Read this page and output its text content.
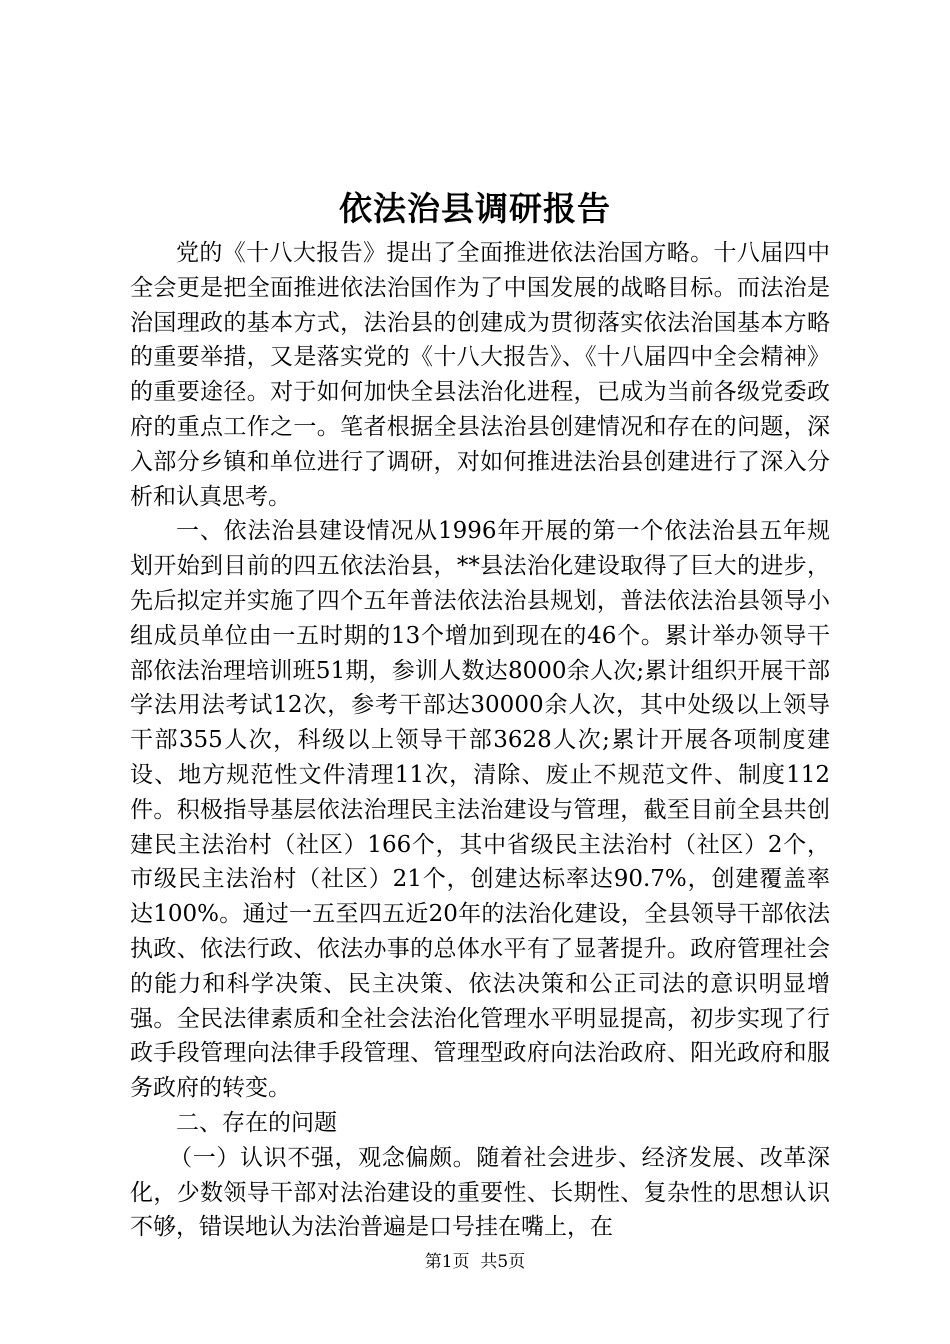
依法治县调研报告

党的《十八大报告》提出了全面推进依法治国方略。十八届四中全会更是把全面推进依法治国作为了中国发展的战略目标。而法治是治国理政的基本方式，法治县的创建成为贯彻落实依法治国基本方略的重要举措，又是落实党的《十八大报告》、《十八届四中全会精神》的重要途径。对于如何加快全县法治化进程，已成为当前各级党委政府的重点工作之一。笔者根据全县法治县创建情况和存在的问题，深入部分乡镇和单位进行了调研，对如何推进法治县创建进行了深入分析和认真思考。

一、依法治县建设情况从1996年开展的第一个依法治县五年规划开始到目前的四五依法治县，**县法治化建设取得了巨大的进步，先后拟定并实施了四个五年普法依法治县规划，普法依法治县领导小组成员单位由一五时期的13个增加到现在的46个。累计举办领导干部依法治理培训班51期，参训人数达8000余人次;累计组织开展干部学法用法考试12次，参考干部达30000余人次，其中处级以上领导干部355人次，科级以上领导干部3628人次;累计开展各项制度建设、地方规范性文件清理11次，清除、废止不规范文件、制度112件。积极指导基层依法治理民主法治建设与管理，截至目前全县共创建民主法治村（社区）166个，其中省级民主法治村（社区）2个，市级民主法治村（社区）21个，创建达标率达90.7%，创建覆盖率达100%。通过一五至四五近20年的法治化建设，全县领导干部依法执政、依法行政、依法办事的总体水平有了显著提升。政府管理社会的能力和科学决策、民主决策、依法决策和公正司法的意识明显增强。全民法律素质和全社会法治化管理水平明显提高，初步实现了行政手段管理向法律手段管理、管理型政府向法治政府、阳光政府和服务政府的转变。

二、存在的问题

（一）认识不强，观念偏颇。随着社会进步、经济发展、改革深化，少数领导干部对法治建设的重要性、长期性、复杂性的思想认识不够，错误地认为法治普遍是口号挂在嘴上，在

第1页 共5页
